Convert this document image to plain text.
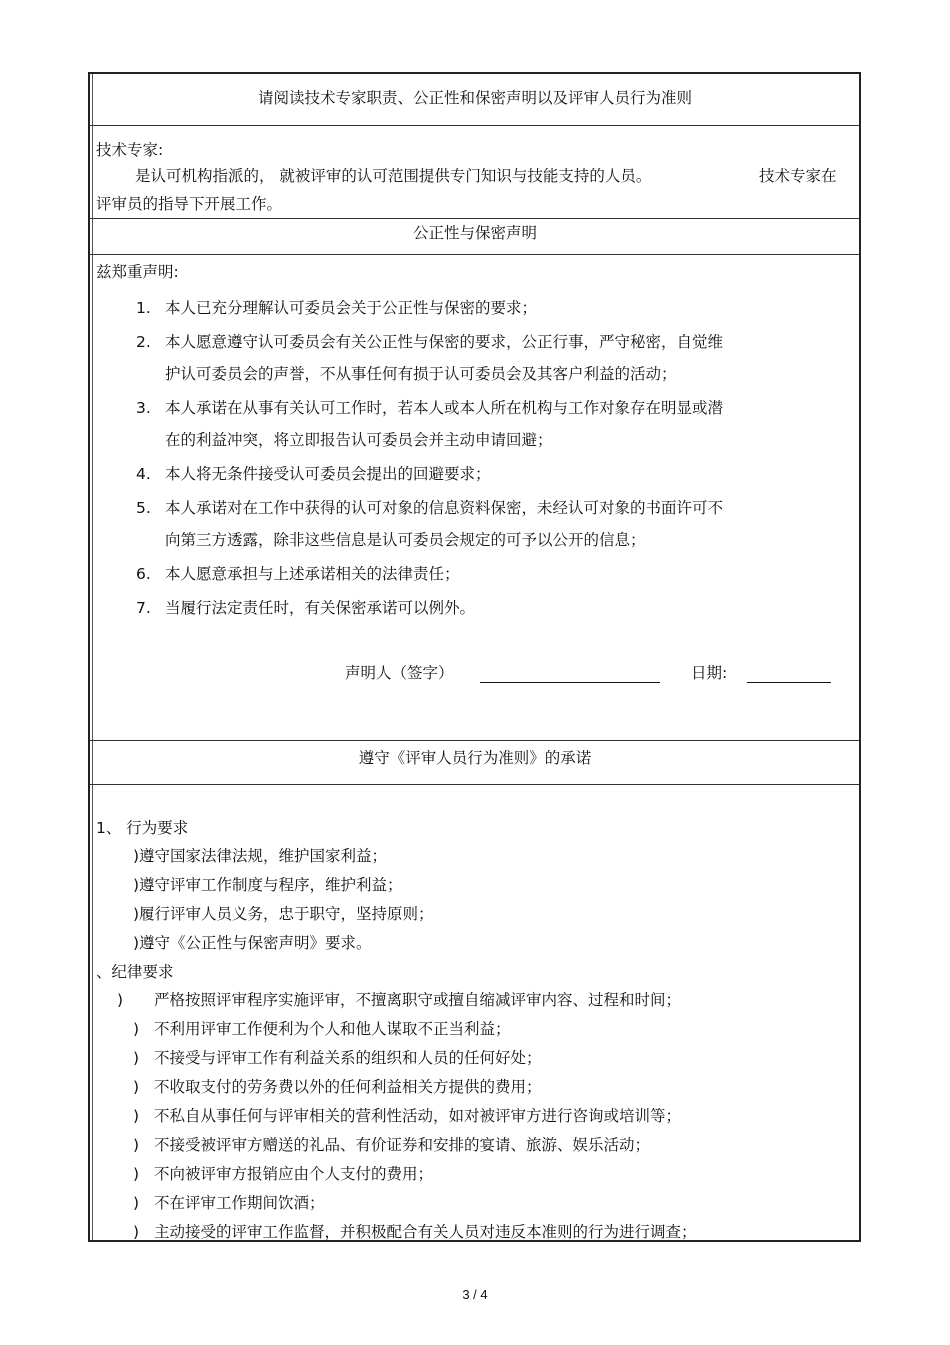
请阅读技术专家职责、公正性和保密声明以及评审人员行为准则
技术专家:
是认可机构指派的， 就被评审的认可范围提供专门知识与技能支持的人员。	技术专家在
评审员的指导下开展工作。
公正性与保密声明
兹郑重声明:
1. 本人已充分理解认可委员会关于公正性与保密的要求；
2. 本人愿意遵守认可委员会有关公正性与保密的要求，公正行事，严守秘密，自觉维
护认可委员会的声誉，不从事任何有损于认可委员会及其客户利益的活动；
3. 本人承诺在从事有关认可工作时，若本人或本人所在机构与工作对象存在明显或潜
在的利益冲突，将立即报告认可委员会并主动申请回避；
4. 本人将无条件接受认可委员会提出的回避要求；
5. 本人承诺对在工作中获得的认可对象的信息资料保密，未经认可对象的书面许可不
向第三方透露，除非这些信息是认可委员会规定的可予以公开的信息；
6. 本人愿意承担与上述承诺相关的法律责任；
7. 当履行法定责任时，有关保密承诺可以例外。
声明人（签字）	日期:
遵守《评审人员行为准则》的承诺
1、 行为要求
)遵守国家法律法规，维护国家利益；
)遵守评审工作制度与程序，维护利益；
)履行评审人员义务，忠于职守，坚持原则；
)遵守《公正性与保密声明》要求。
、纪律要求
) 严格按照评审程序实施评审，不擅离职守或擅自缩减评审内容、过程和时间；
) 不利用评审工作便利为个人和他人谋取不正当利益；
) 不接受与评审工作有利益关系的组织和人员的任何好处；
) 不收取支付的劳务费以外的任何利益相关方提供的费用；
) 不私自从事任何与评审相关的营利性活动，如对被评审方进行咨询或培训等；
) 不接受被评审方赠送的礼品、有价证券和安排的宴请、旅游、娱乐活动；
) 不向被评审方报销应由个人支付的费用；
) 不在评审工作期间饮酒；
) 主动接受的评审工作监督，并积极配合有关人员对违反本准则的行为进行调查；
3 / 4
